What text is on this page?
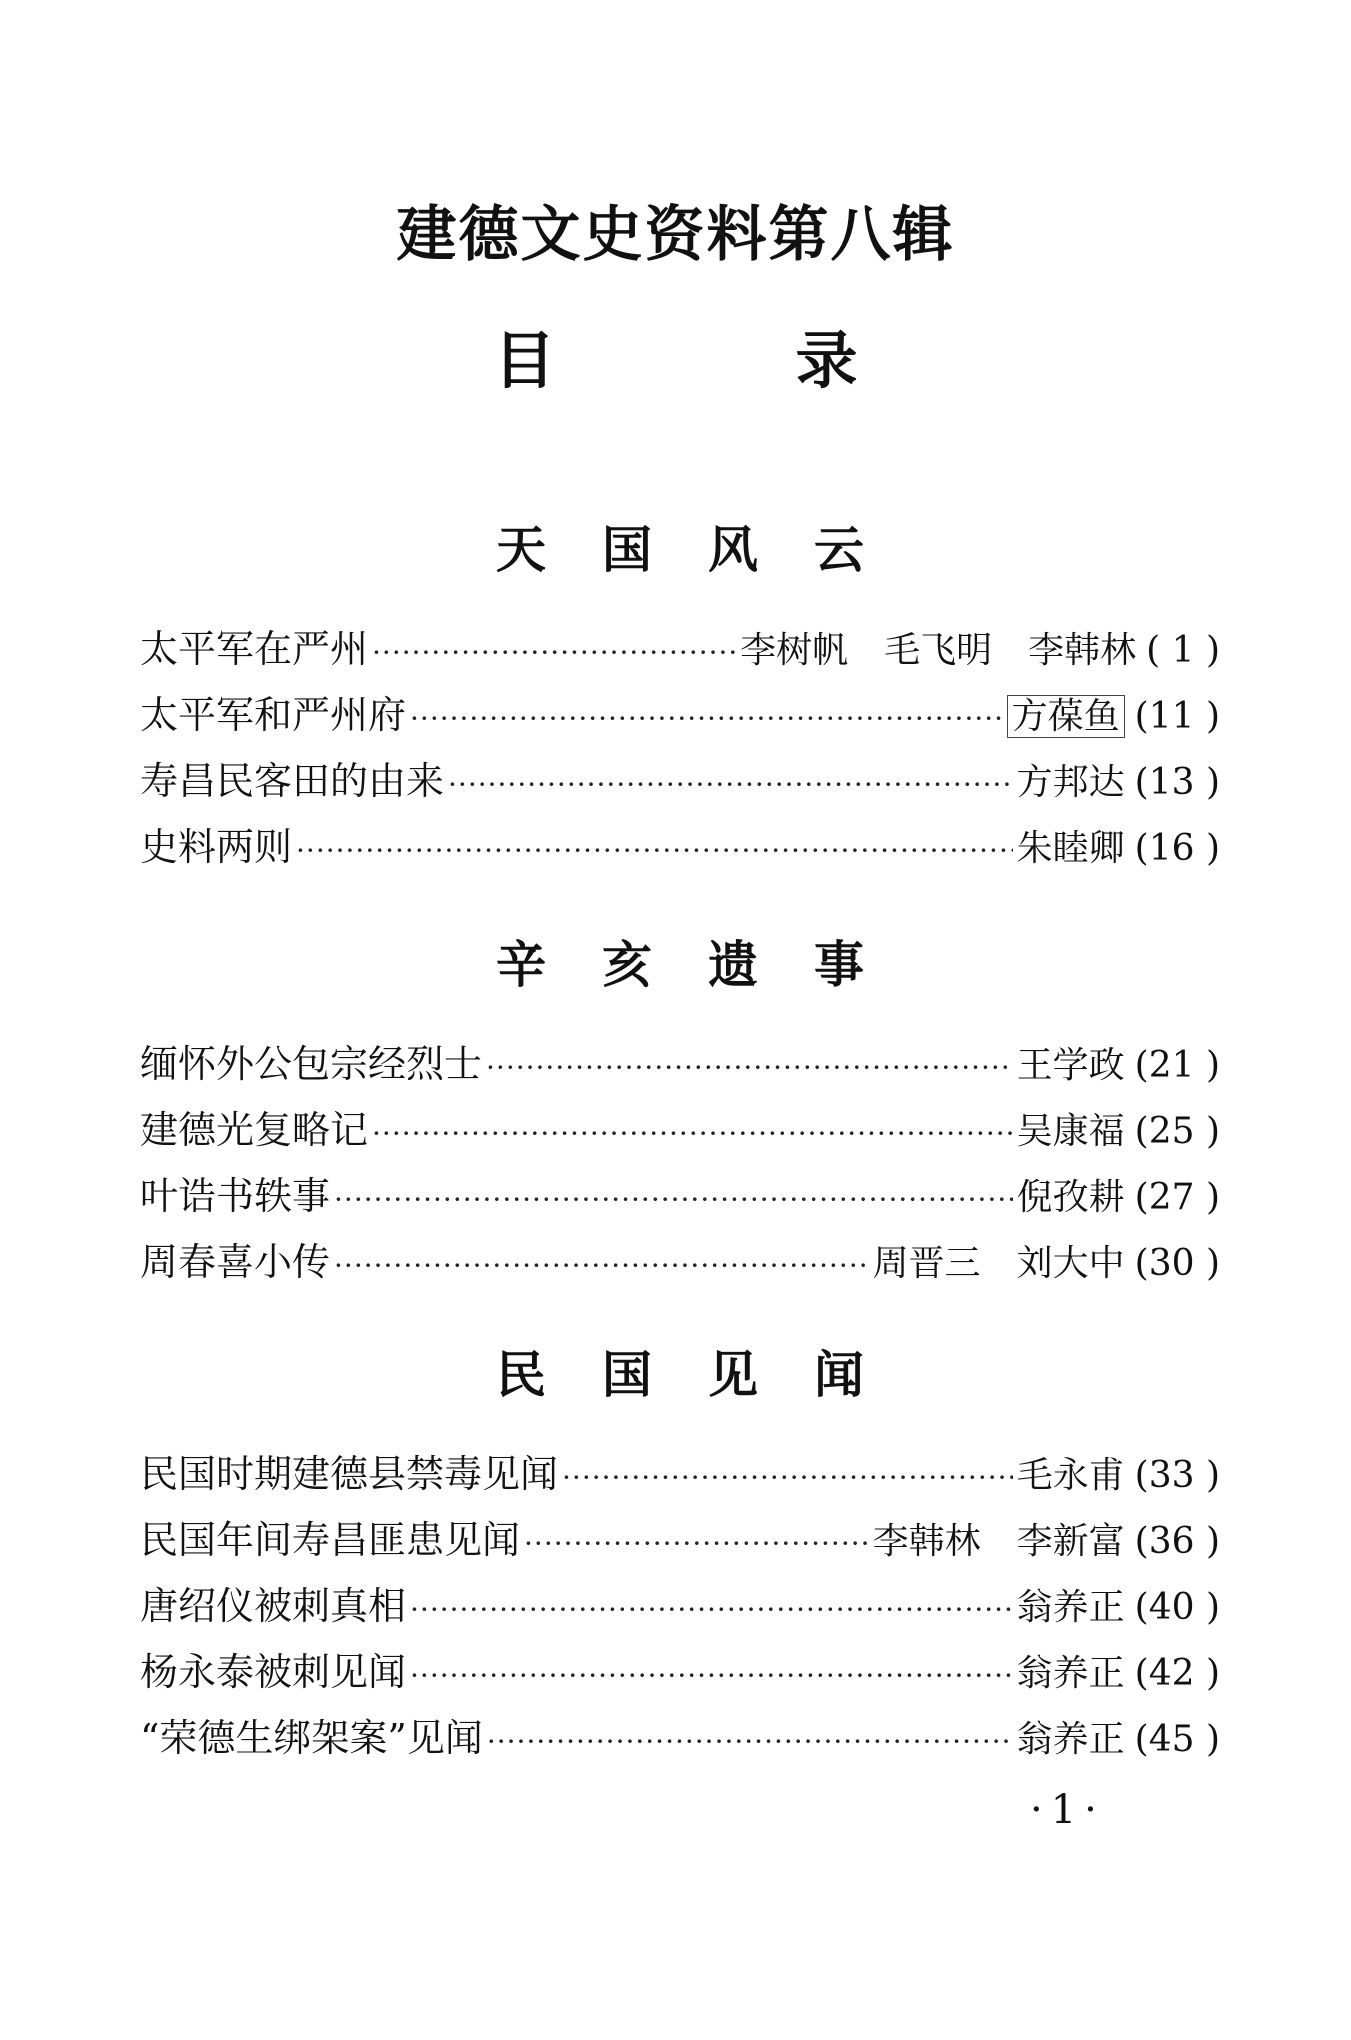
建德文史资料第八辑
目	录
天 国 风 云
太平军在严州 ·····	李树帆 毛飞明 李韩林 ( 1 )
太平军和严州府 ·····	方葆鱼 (11 )
寿昌民客田的由来 ·····	方邦达 (13 )
史料两则 ·····	朱睦卿 (16 )
辛 亥 遗 事
缅怀外公包宗经烈士 ·····	王学政 (21 )
建德光复略记 ·····	吴康福 (25 )
叶诰书轶事 ·····	倪孜耕 (27 )
周春喜小传 ·····	周晋三 刘大中 (30 )
民 国 见 闻
民国时期建德县禁毒见闻 ·····	毛永甫 (33 )
民国年间寿昌匪患见闻 ·····	李韩林 李新富 (36 )
唐绍仪被刺真相 ·····	翁养正 (40 )
杨永泰被刺见闻 ·····	翁养正 (42 )
“荣德生绑架案”见闻 ·····	翁养正 (45 )
·1·
